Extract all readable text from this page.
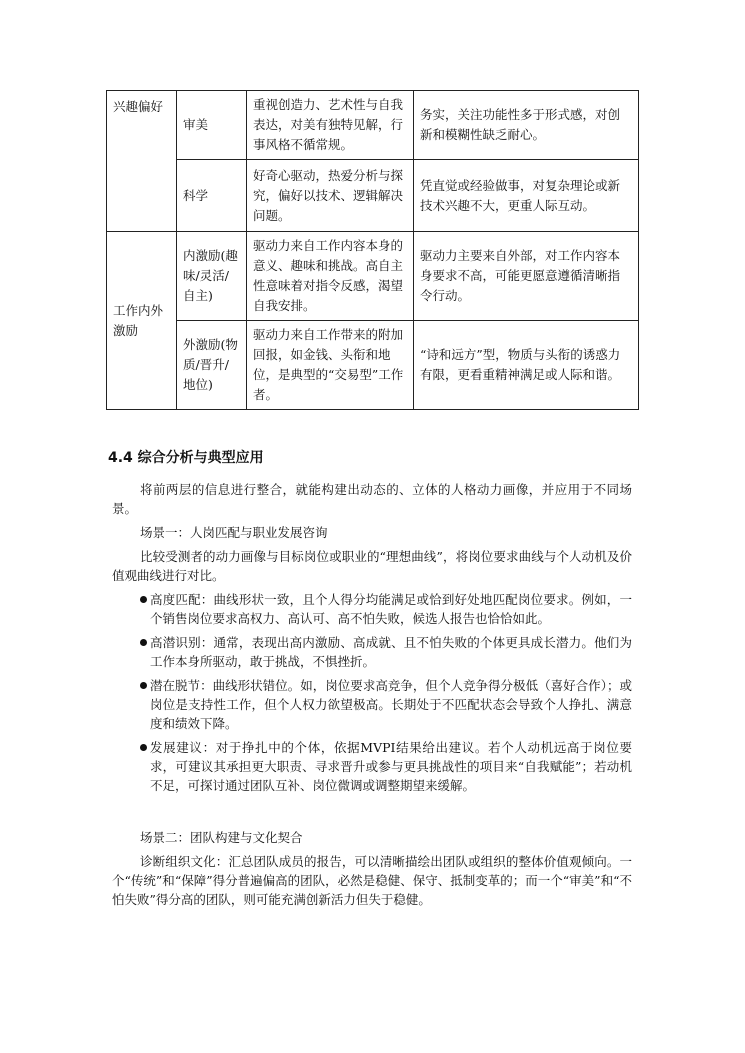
兴趣偏好	审美	重视创造力、艺术性与自我表达，对美有独特见解，行事风格不循常规。	务实，关注功能性多于形式感，对创新和模糊性缺乏耐心。
	科学	好奇心驱动，热爱分析与探究，偏好以技术、逻辑解决问题。	凭直觉或经验做事，对复杂理论或新技术兴趣不大，更重人际互动。
工作内外激励	内激励(趣味/灵活/自主)	驱动力来自工作内容本身的意义、趣味和挑战。高自主性意味着对指令反感，渴望自我安排。	驱动力主要来自外部，对工作内容本身要求不高，可能更愿意遵循清晰指令行动。
	外激励(物质/晋升/地位)	驱动力来自工作带来的附加回报，如金钱、头衔和地位，是典型的“交易型”工作者。	“诗和远方”型，物质与头衔的诱惑力有限，更看重精神满足或人际和谐。
4.4 综合分析与典型应用

将前两层的信息进行整合，就能构建出动态的、立体的人格动力画像，并应用于不同场景。

场景一：人岗匹配与职业发展咨询

比较受测者的动力画像与目标岗位或职业的“理想曲线”，将岗位要求曲线与个人动机及价值观曲线进行对比。

高度匹配：曲线形状一致，且个人得分均能满足或恰到好处地匹配岗位要求。例如，一个销售岗位要求高权力、高认可、高不怕失败，候选人报告也恰恰如此。
高潜识别：通常，表现出高内激励、高成就、且不怕失败的个体更具成长潜力。他们为工作本身所驱动，敢于挑战，不惧挫折。
潜在脱节：曲线形状错位。如，岗位要求高竞争，但个人竞争得分极低（喜好合作）；或岗位是支持性工作，但个人权力欲望极高。长期处于不匹配状态会导致个人挣扎、满意度和绩效下降。
发展建议：对于挣扎中的个体，依据MVPI结果给出建议。若个人动机远高于岗位要求，可建议其承担更大职责、寻求晋升或参与更具挑战性的项目来“自我赋能”；若动机不足，可探讨通过团队互补、岗位微调或调整期望来缓解。

场景二：团队构建与文化契合

诊断组织文化：汇总团队成员的报告，可以清晰描绘出团队或组织的整体价值观倾向。一个“传统”和“保障”得分普遍偏高的团队，必然是稳健、保守、抵制变革的；而一个“审美”和“不怕失败”得分高的团队，则可能充满创新活力但失于稳健。
